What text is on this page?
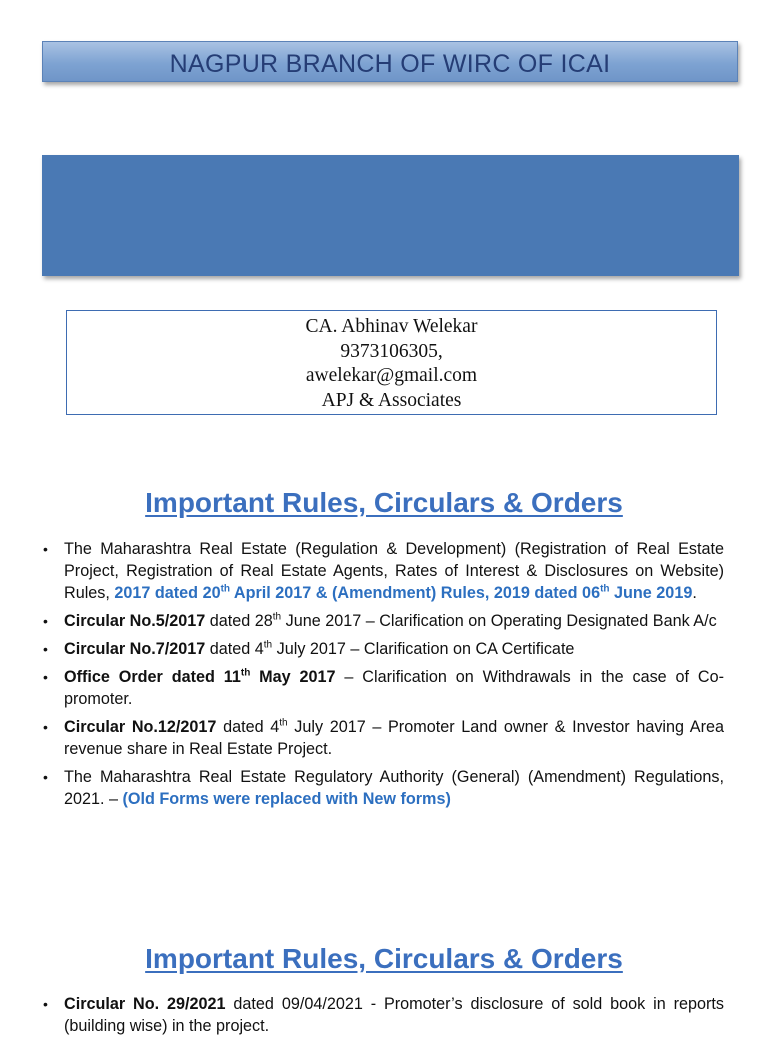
NAGPUR BRANCH OF WIRC OF ICAI
CA. Abhinav Welekar
9373106305,
awelekar@gmail.com
APJ & Associates
Important Rules, Circulars & Orders
• The Maharashtra Real Estate (Regulation & Development) (Registration of Real Estate Project, Registration of Real Estate Agents, Rates of Interest & Disclosures on Website) Rules, 2017 dated 20th April 2017 & (Amendment) Rules, 2019 dated 06th June 2019.
• Circular No.5/2017 dated 28th June 2017 – Clarification on Operating Designated Bank A/c
• Circular No.7/2017 dated 4th July 2017 – Clarification on CA Certificate
• Office Order dated 11th May 2017 – Clarification on Withdrawals in the case of Co-promoter.
• Circular No.12/2017 dated 4th July 2017 – Promoter Land owner & Investor having Area revenue share in Real Estate Project.
• The Maharashtra Real Estate Regulatory Authority (General) (Amendment) Regulations, 2021. – (Old Forms were replaced with New forms)
Important Rules, Circulars & Orders
• Circular No. 29/2021 dated 09/04/2021 - Promoter’s disclosure of sold book in reports (building wise) in the project.
